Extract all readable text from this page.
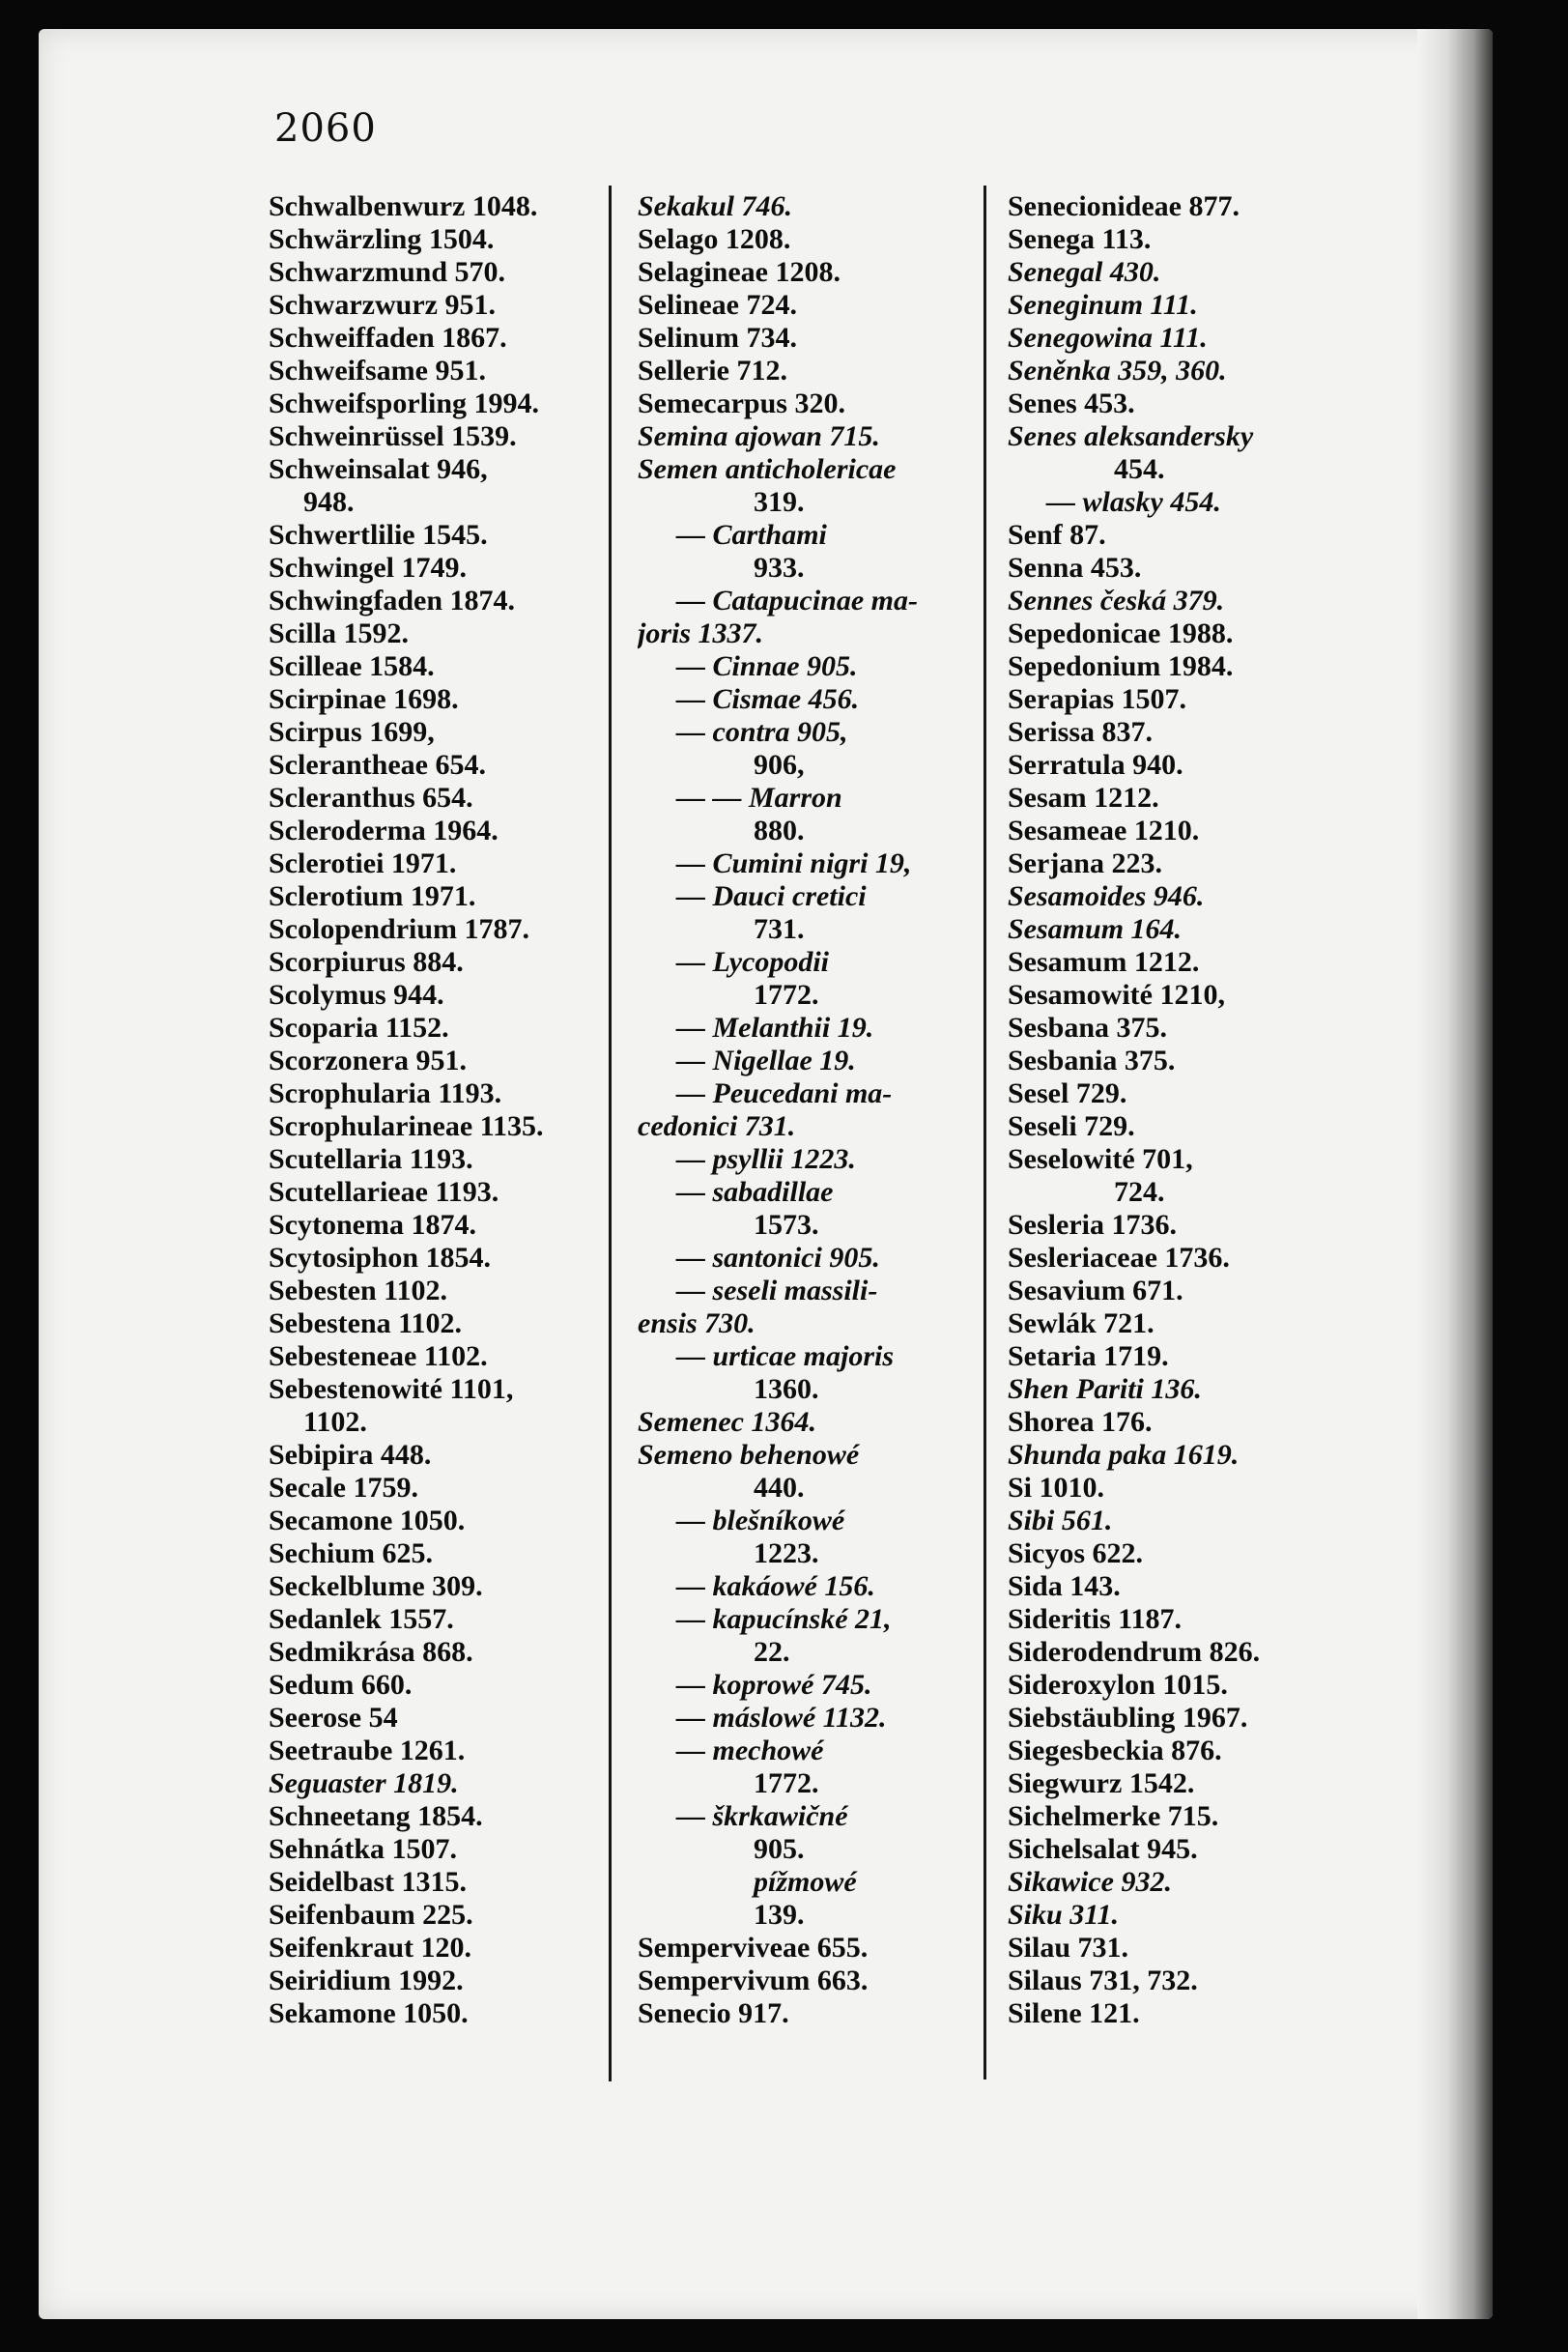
2060
Schwalbenwurz 1048.
Schwärzling 1504.
Schwarzmund 570.
Schwarzwurz 951.
Schweiffaden 1867.
Schweifsame 951.
Schweifsporling 1994.
Schweinrüssel 1539.
Schweinsalat 946,
948.
Schwertlilie 1545.
Schwingel 1749.
Schwingfaden 1874.
Scilla 1592.
Scilleae 1584.
Scirpinae 1698.
Scirpus 1699,
Sclerantheae 654.
Scleranthus 654.
Scleroderma 1964.
Sclerotiei 1971.
Sclerotium 1971.
Scolopendrium 1787.
Scorpiurus 884.
Scolymus 944.
Scoparia 1152.
Scorzonera 951.
Scrophularia 1193.
Scrophularineae 1135.
Scutellaria 1193.
Scutellarieae 1193.
Scytonema 1874.
Scytosiphon 1854.
Sebesten 1102.
Sebestena 1102.
Sebesteneae 1102.
Sebestenowité 1101,
1102.
Sebipira 448.
Secale 1759.
Secamone 1050.
Sechium 625.
Seckelblume 309.
Sedanlek 1557.
Sedmikrása 868.
Sedum 660.
Seerose 54
Seetraube 1261.
Seguaster 1819.
Schneetang 1854.
Sehnátka 1507.
Seidelbast 1315.
Seifenbaum 225.
Seifenkraut 120.
Seiridium 1992.
Sekamone 1050.
Sekakul 746.
Selago 1208.
Selagineae 1208.
Selineae 724.
Selinum 734.
Sellerie 712.
Semecarpus 320.
Semina ajowan 715.
Semen anticholericae
319.
— Carthami
933.
— Catapucinae ma-
joris 1337.
— Cinnae 905.
— Cismae 456.
— contra 905,
906,
— — Marron
880.
— Cumini nigri 19,
— Dauci cretici
731.
— Lycopodii
1772.
— Melanthii 19.
— Nigellae 19.
— Peucedani ma-
cedonici 731.
— psyllii 1223.
— sabadillae
1573.
— santonici 905.
— seseli massili-
ensis 730.
— urticae majoris
1360.
Semenec 1364.
Semeno behenowé
440.
— blešníkowé
1223.
— kakáowé 156.
— kapucínské 21,
22.
— koprowé 745.
— máslowé 1132.
— mechowé
1772.
— škrkawičné
905.
pížmowé
139.
Sempervivеae 655.
Sempervivum 663.
Senecio 917.
Senecionideae 877.
Senega 113.
Senegal 430.
Seneginum 111.
Senegowina 111.
Seněnka 359, 360.
Senes 453.
Senes aleksandersky
454.
— wlasky 454.
Senf 87.
Senna 453.
Sennes česká 379.
Sepedonicae 1988.
Sepedonium 1984.
Serapias 1507.
Serissa 837.
Serratula 940.
Sesam 1212.
Sesameae 1210.
Serjana 223.
Sesamoides 946.
Sesamum 164.
Sesamum 1212.
Sesamowité 1210,
Sesbana 375.
Sesbania 375.
Sesel 729.
Seseli 729.
Seselowité 701,
724.
Sesleria 1736.
Sesleriaceae 1736.
Sesavium 671.
Sewlák 721.
Setaria 1719.
Shen Pariti 136.
Shorea 176.
Shunda paka 1619.
Si 1010.
Sibi 561.
Sicyos 622.
Sida 143.
Sideritis 1187.
Siderodendrum 826.
Sideroxylon 1015.
Siebstäubling 1967.
Siegesbeckia 876.
Siegwurz 1542.
Sichelmerke 715.
Sichelsalat 945.
Sikawice 932.
Siku 311.
Silau 731.
Silaus 731, 732.
Silene 121.
